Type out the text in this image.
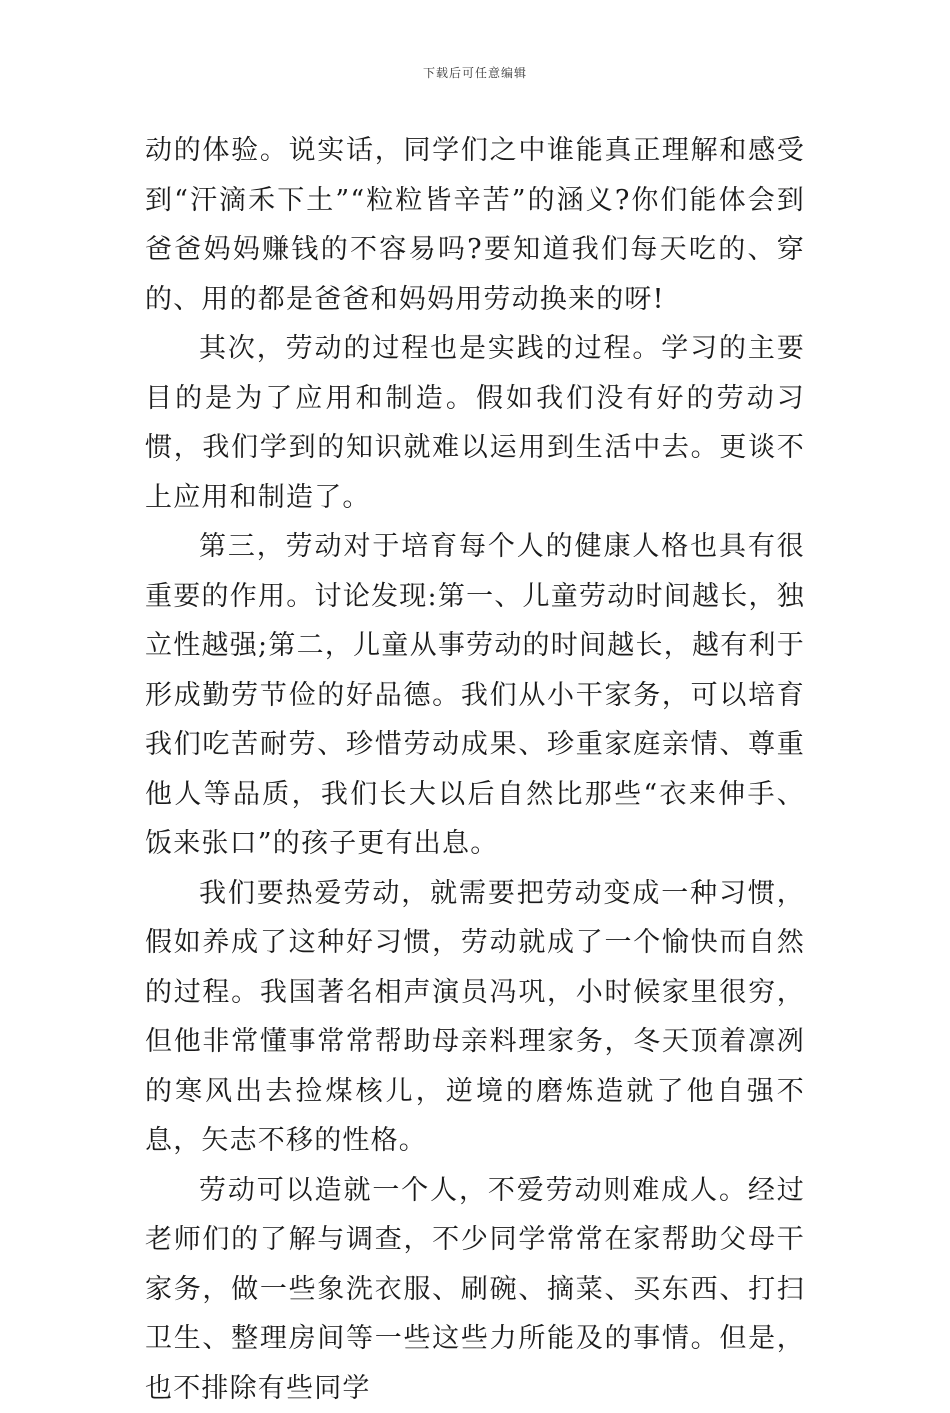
下载后可任意编辑

动的体验。说实话，同学们之中谁能真正理解和感受到“汗滴禾下土”“粒粒皆辛苦”的涵义?你们能体会到爸爸妈妈赚钱的不容易吗?要知道我们每天吃的、穿的、用的都是爸爸和妈妈用劳动换来的呀!

其次，劳动的过程也是实践的过程。学习的主要目的是为了应用和制造。假如我们没有好的劳动习惯，我们学到的知识就难以运用到生活中去。更谈不上应用和制造了。

第三，劳动对于培育每个人的健康人格也具有很重要的作用。讨论发现:第一、儿童劳动时间越长，独立性越强;第二，儿童从事劳动的时间越长，越有利于形成勤劳节俭的好品德。我们从小干家务，可以培育我们吃苦耐劳、珍惜劳动成果、珍重家庭亲情、尊重他人等品质，我们长大以后自然比那些“衣来伸手、饭来张口”的孩子更有出息。

我们要热爱劳动，就需要把劳动变成一种习惯，假如养成了这种好习惯，劳动就成了一个愉快而自然的过程。我国著名相声演员冯巩，小时候家里很穷，但他非常懂事常常帮助母亲料理家务，冬天顶着凛冽的寒风出去捡煤核儿，逆境的磨炼造就了他自强不息，矢志不移的性格。

劳动可以造就一个人，不爱劳动则难成人。经过老师们的了解与调查，不少同学常常在家帮助父母干家务，做一些象洗衣服、刷碗、摘菜、买东西、打扫卫生、整理房间等一些这些力所能及的事情。但是，也不排除有些同学
